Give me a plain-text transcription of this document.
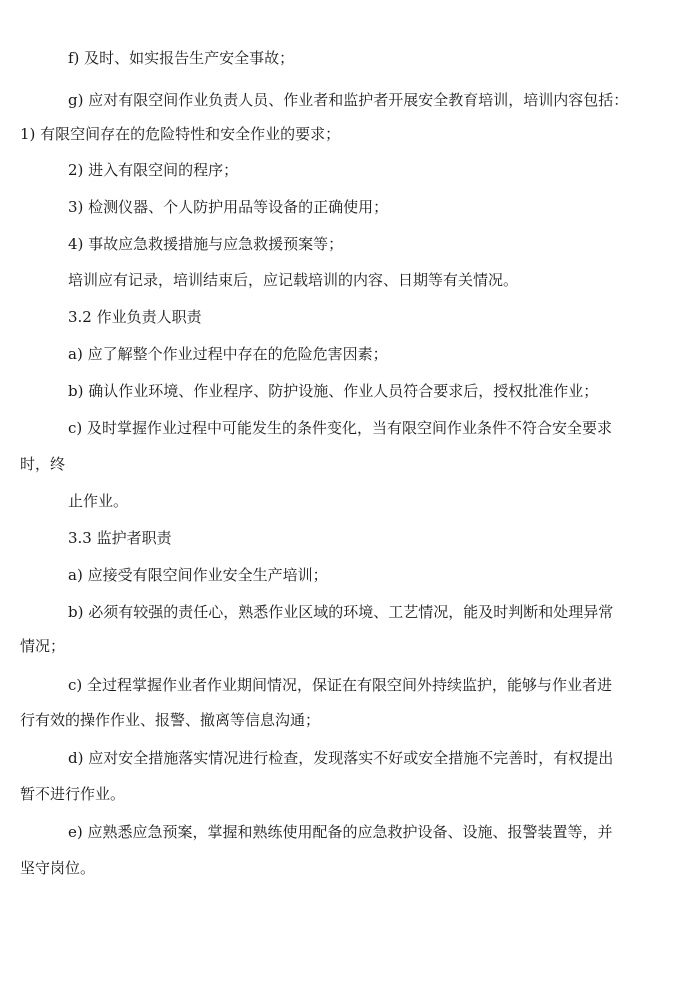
f) 及时、如实报告生产安全事故；

g) 应对有限空间作业负责人员、作业者和监护者开展安全教育培训，培训内容包括：

1) 有限空间存在的危险特性和安全作业的要求；

2) 进入有限空间的程序；

3) 检测仪器、个人防护用品等设备的正确使用；

4) 事故应急救援措施与应急救援预案等；

培训应有记录，培训结束后，应记载培训的内容、日期等有关情况。

3.2 作业负责人职责

a) 应了解整个作业过程中存在的危险危害因素；

b) 确认作业环境、作业程序、防护设施、作业人员符合要求后，授权批准作业；

c) 及时掌握作业过程中可能发生的条件变化，当有限空间作业条件不符合安全要求

时，终

止作业。

3.3 监护者职责

a) 应接受有限空间作业安全生产培训；

b) 必须有较强的责任心，熟悉作业区域的环境、工艺情况，能及时判断和处理异常

情况；

c) 全过程掌握作业者作业期间情况，保证在有限空间外持续监护，能够与作业者进

行有效的操作作业、报警、撤离等信息沟通；

d) 应对安全措施落实情况进行检查，发现落实不好或安全措施不完善时，有权提出

暂不进行作业。

e) 应熟悉应急预案，掌握和熟练使用配备的应急救护设备、设施、报警装置等，并

坚守岗位。
